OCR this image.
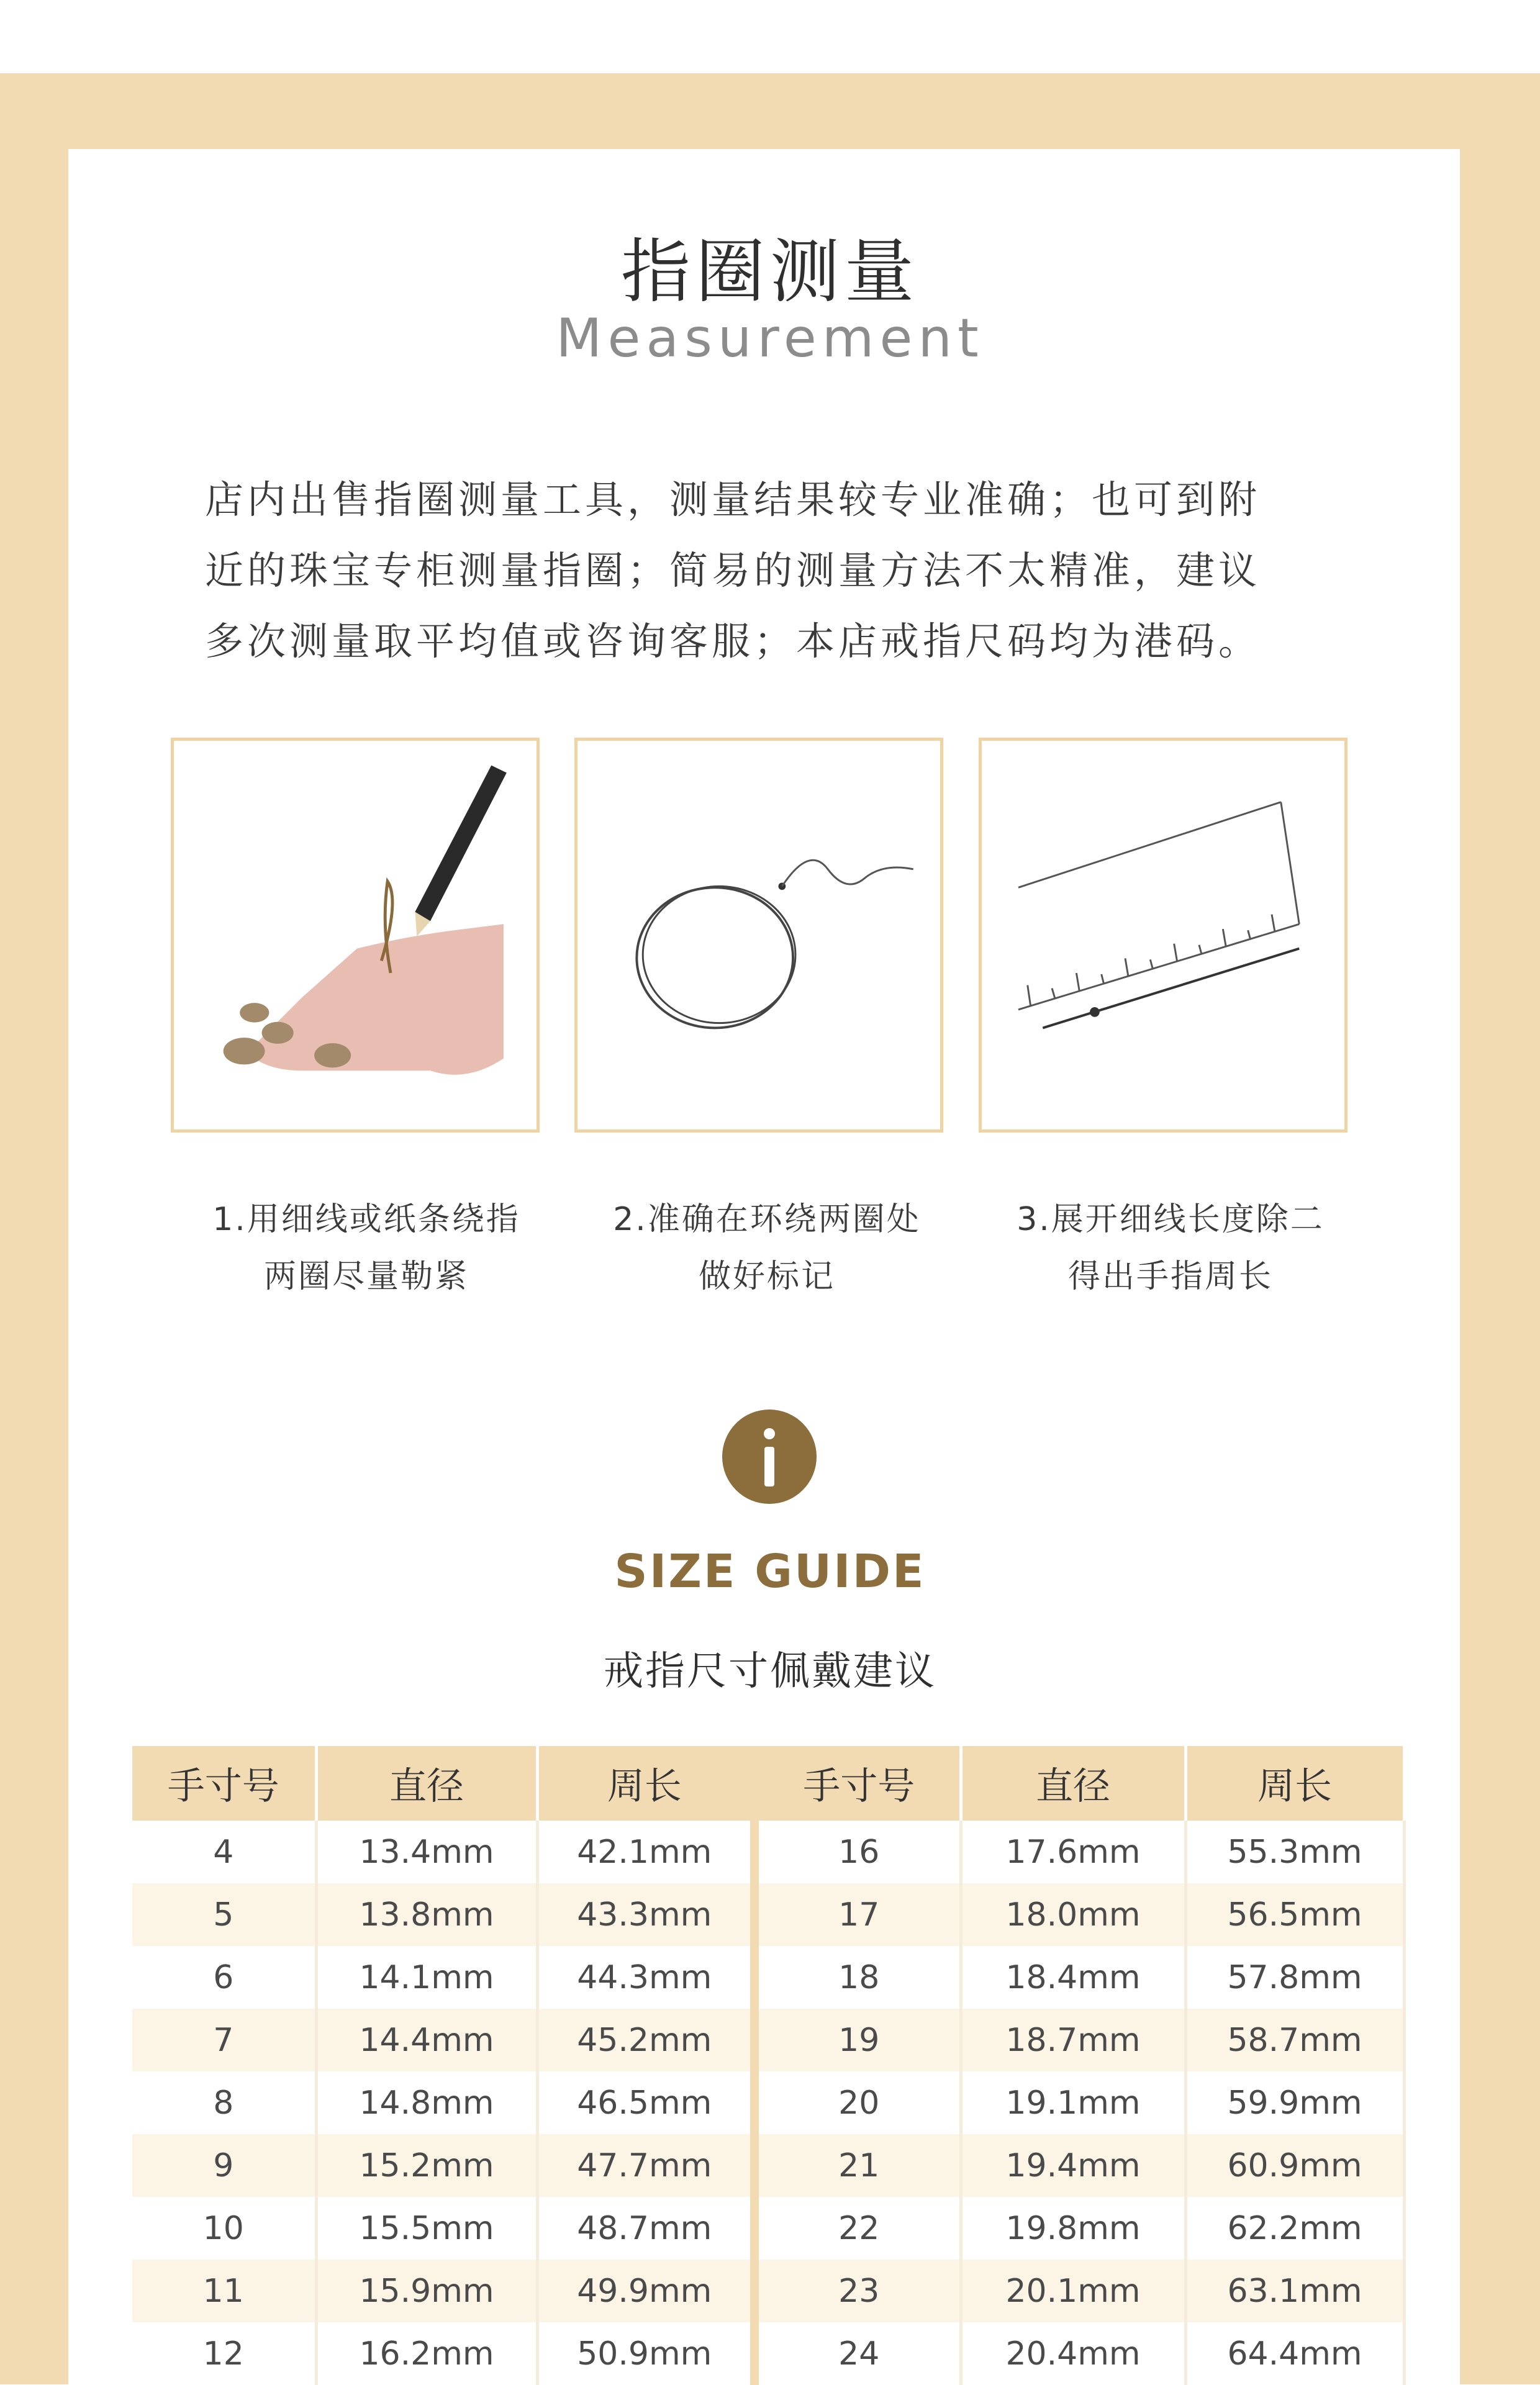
指圈测量
Measurement
店内出售指圈测量工具，测量结果较专业准确；也可到附
近的珠宝专柜测量指圈；简易的测量方法不太精准，建议
多次测量取平均值或咨询客服；本店戒指尺码均为港码。
1.用细线或纸条绕指
两圈尽量勒紧
2.准确在环绕两圈处
做好标记
3.展开细线长度除二
得出手指周长
SIZE GUIDE
戒指尺寸佩戴建议
手寸号	直径	周长	手寸号	直径	周长
4	13.4mm	42.1mm	16	17.6mm	55.3mm
5	13.8mm	43.3mm	17	18.0mm	56.5mm
6	14.1mm	44.3mm	18	18.4mm	57.8mm
7	14.4mm	45.2mm	19	18.7mm	58.7mm
8	14.8mm	46.5mm	20	19.1mm	59.9mm
9	15.2mm	47.7mm	21	19.4mm	60.9mm
10	15.5mm	48.7mm	22	19.8mm	62.2mm
11	15.9mm	49.9mm	23	20.1mm	63.1mm
12	16.2mm	50.9mm	24	20.4mm	64.4mm
